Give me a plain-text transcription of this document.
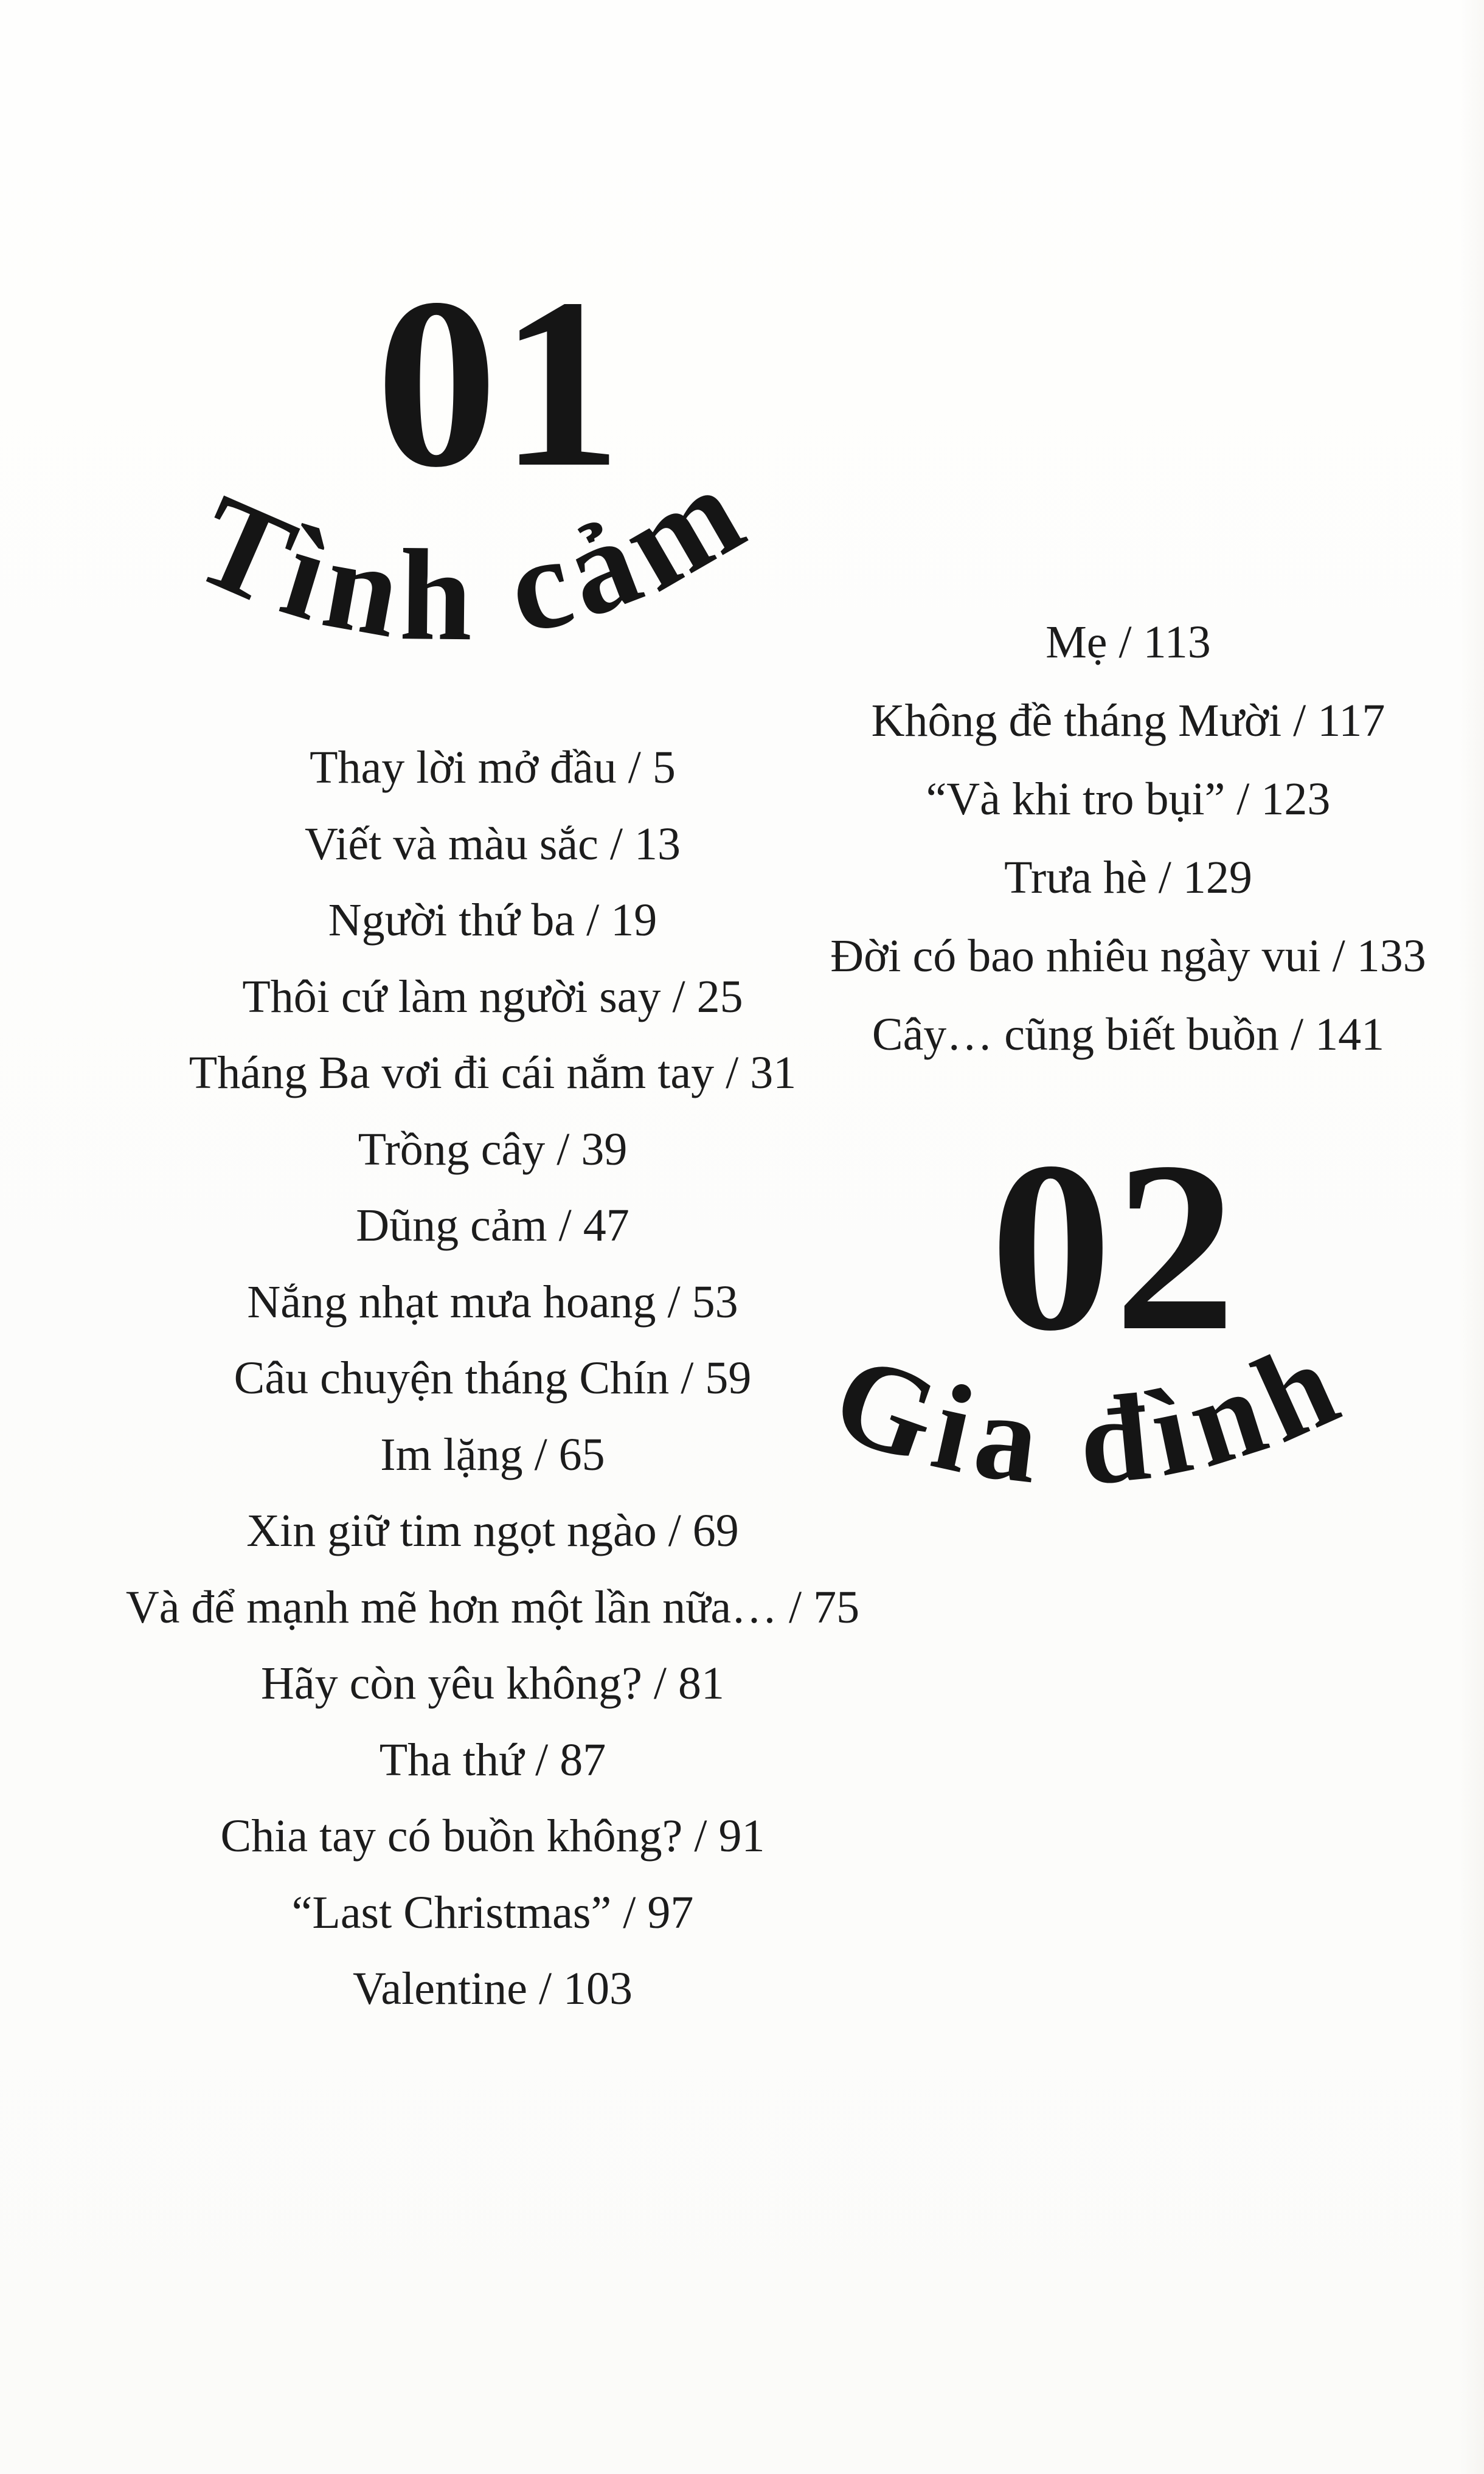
01
Tình cảm
Thay lời mở đầu / 5
Viết và màu sắc / 13
Người thứ ba / 19
Thôi cứ làm người say / 25
Tháng Ba vơi đi cái nắm tay / 31
Trồng cây / 39
Dũng cảm / 47
Nắng nhạt mưa hoang / 53
Câu chuyện tháng Chín / 59
Im lặng / 65
Xin giữ tim ngọt ngào / 69
Và để mạnh mẽ hơn một lần nữa… / 75
Hãy còn yêu không? / 81
Tha thứ / 87
Chia tay có buồn không? / 91
“Last Christmas” / 97
Valentine / 103
Mẹ / 113
Không đề tháng Mười / 117
“Và khi tro bụi” / 123
Trưa hè / 129
Đời có bao nhiêu ngày vui / 133
Cây… cũng biết buồn / 141
02
Gia đình
